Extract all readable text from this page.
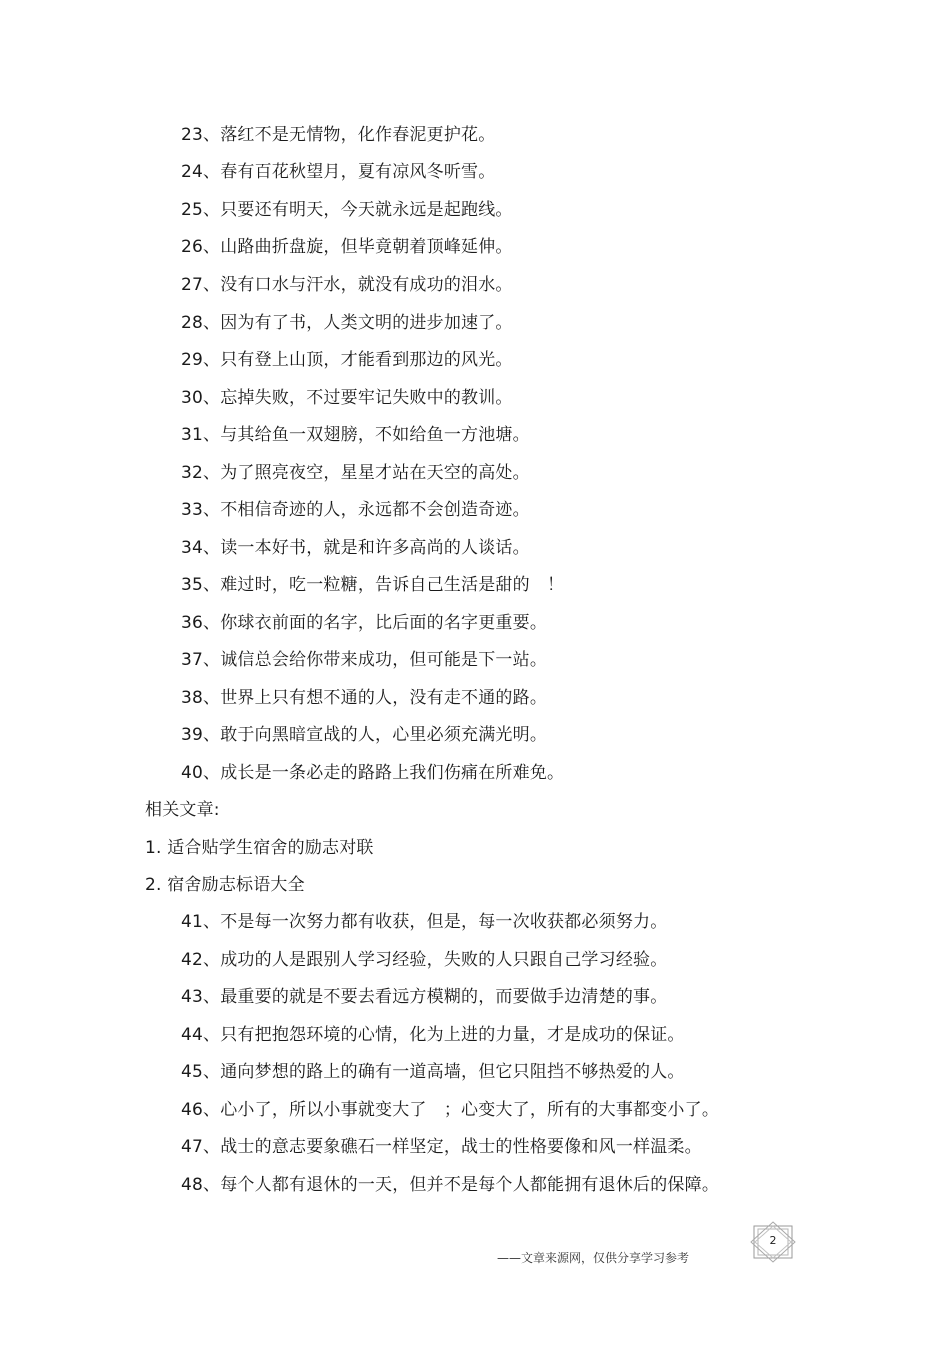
23、落红不是无情物，化作春泥更护花。
24、春有百花秋望月，夏有凉风冬听雪。
25、只要还有明天，今天就永远是起跑线。
26、山路曲折盘旋，但毕竟朝着顶峰延伸。
27、没有口水与汗水，就没有成功的泪水。
28、因为有了书，人类文明的进步加速了。
29、只有登上山顶，才能看到那边的风光。
30、忘掉失败，不过要牢记失败中的教训。
31、与其给鱼一双翅膀，不如给鱼一方池塘。
32、为了照亮夜空，星星才站在天空的高处。
33、不相信奇迹的人，永远都不会创造奇迹。
34、读一本好书，就是和许多高尚的人谈话。
35、难过时，吃一粒糖，告诉自己生活是甜的　！
36、你球衣前面的名字，比后面的名字更重要。
37、诚信总会给你带来成功，但可能是下一站。
38、世界上只有想不通的人，没有走不通的路。
39、敢于向黑暗宣战的人，心里必须充满光明。
40、成长是一条必走的路路上我们伤痛在所难免。
相关文章:
1. 适合贴学生宿舍的励志对联
2. 宿舍励志标语大全
41、不是每一次努力都有收获，但是，每一次收获都必须努力。
42、成功的人是跟别人学习经验，失败的人只跟自己学习经验。
43、最重要的就是不要去看远方模糊的，而要做手边清楚的事。
44、只有把抱怨环境的心情，化为上进的力量，才是成功的保证。
45、通向梦想的路上的确有一道高墙，但它只阻挡不够热爱的人。
46、心小了，所以小事就变大了　；心变大了，所有的大事都变小了。
47、战士的意志要象礁石一样坚定，战士的性格要像和风一样温柔。
48、每个人都有退休的一天，但并不是每个人都能拥有退休后的保障。
——文章来源网，仅供分享学习参考
2
